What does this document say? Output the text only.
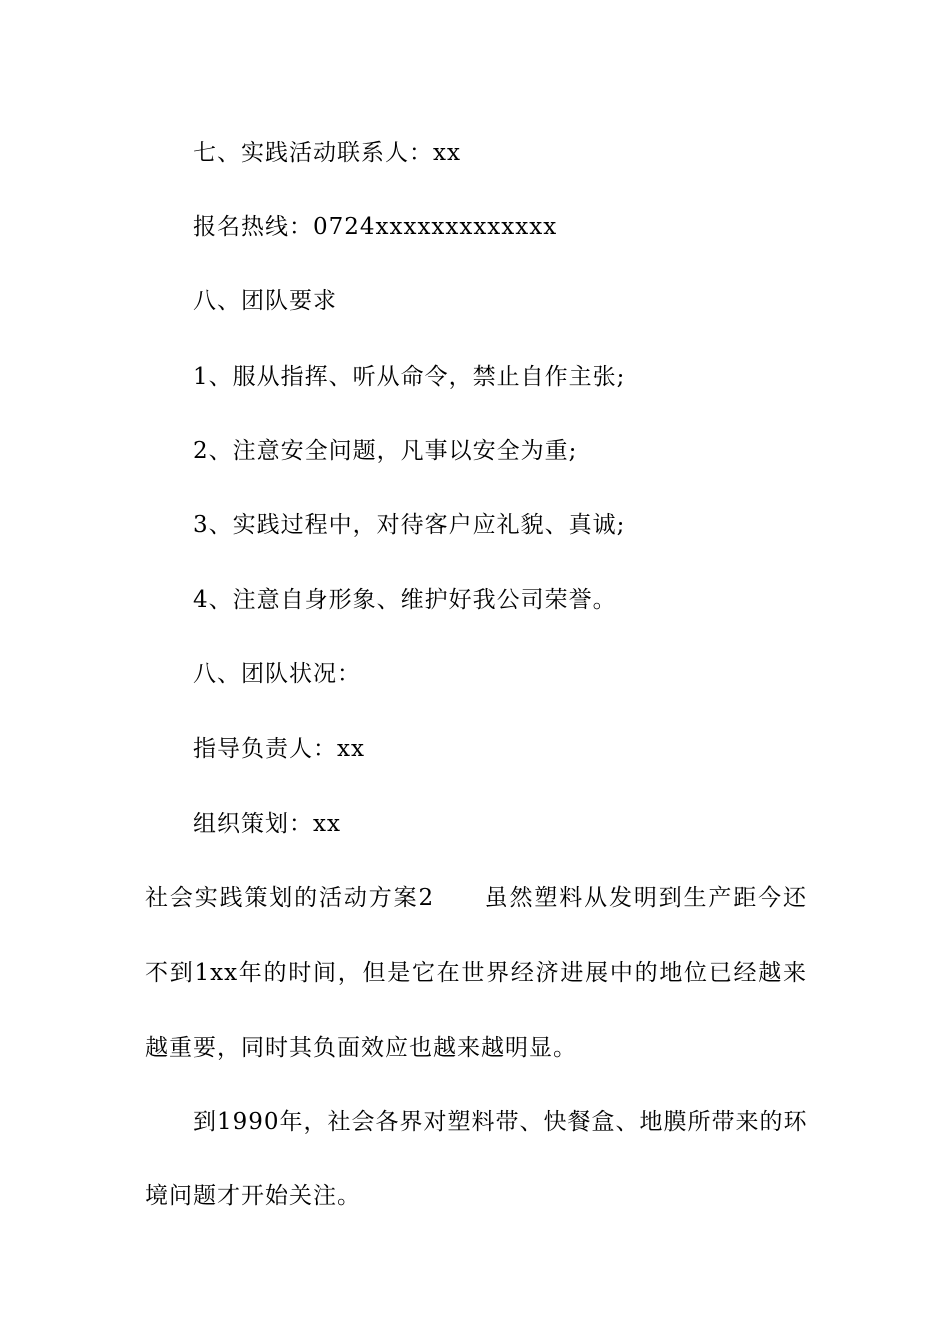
七、实践活动联系人：xx
报名热线：0724xxxxxxxxxxxxx
八、团队要求
1、服从指挥、听从命令，禁止自作主张;
2、注意安全问题，凡事以安全为重;
3、实践过程中，对待客户应礼貌、真诚;
4、注意自身形象、维护好我公司荣誉。
八、团队状况：
指导负责人：xx
组织策划：xx
社会实践策划的活动方案2　　虽然塑料从发明到生产距今还
不到1xx年的时间，但是它在世界经济进展中的地位已经越来
越重要，同时其负面效应也越来越明显。
到1990年，社会各界对塑料带、快餐盒、地膜所带来的环
境问题才开始关注。
